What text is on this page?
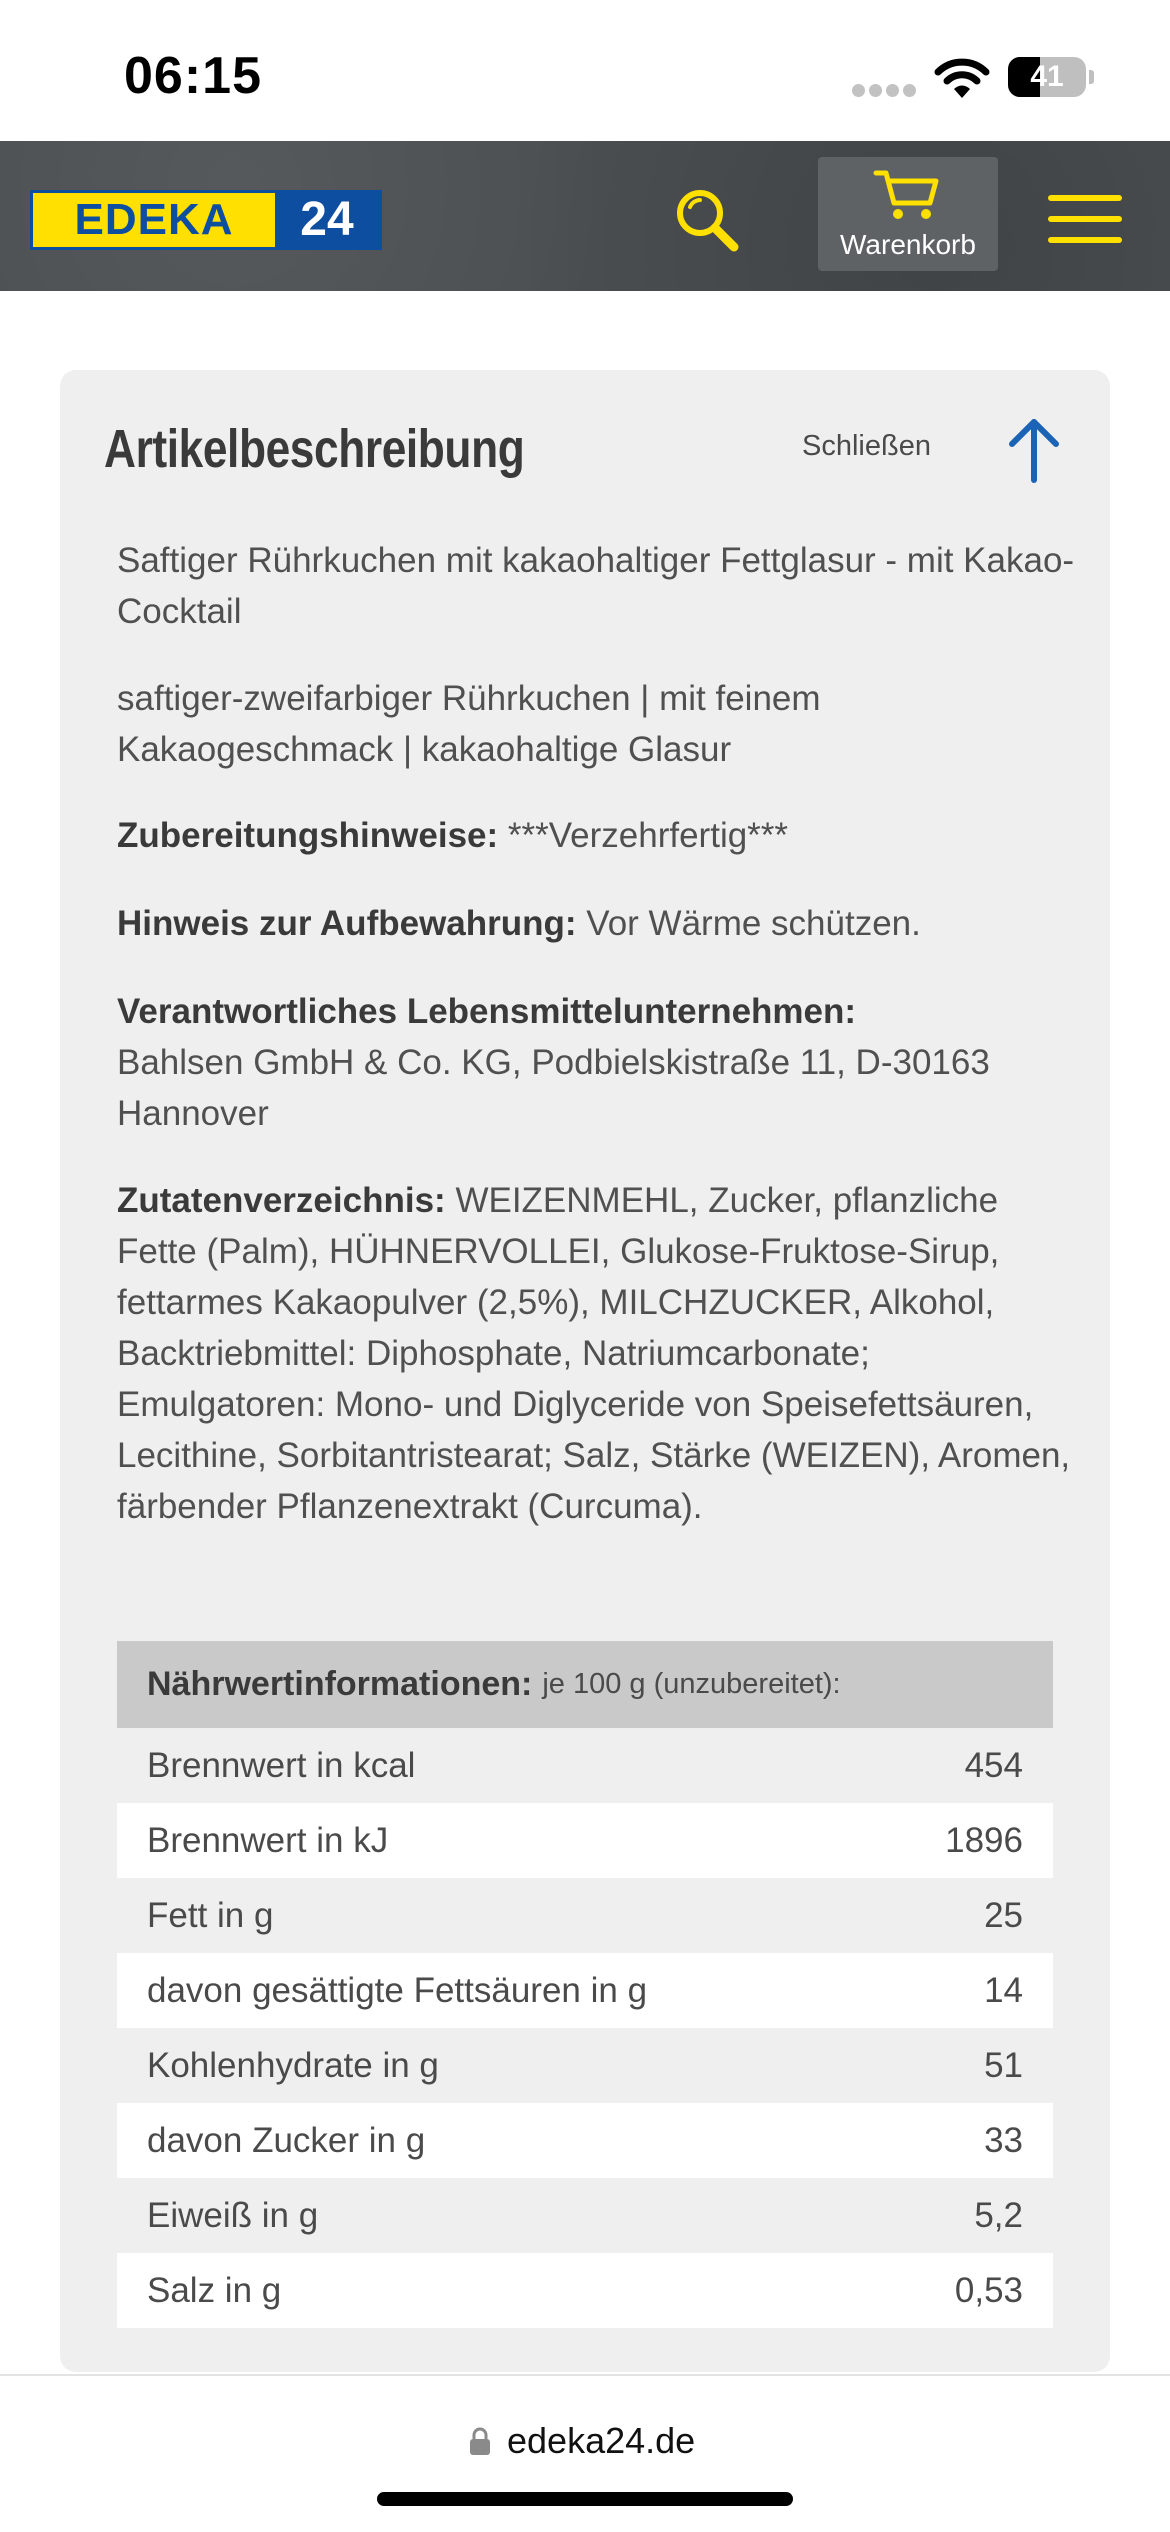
06:15	41
EDEKA	24	Warenkorb
Artikelbeschreibung	Schließen
Saftiger Rührkuchen mit kakaohaltiger Fettglasur - mit Kakao-Cocktail
saftiger-zweifarbiger Rührkuchen | mit feinem Kakaogeschmack | kakaohaltige Glasur
Zubereitungshinweise: ***Verzehrfertig***
Hinweis zur Aufbewahrung: Vor Wärme schützen.
Verantwortliches Lebensmittelunternehmen:
Bahlsen GmbH & Co. KG, Podbielskistraße 11, D-30163 Hannover
Zutatenverzeichnis: WEIZENMEHL, Zucker, pflanzliche Fette (Palm), HÜHNERVOLLEI, Glukose-Fruktose-Sirup, fettarmes Kakaopulver (2,5%), MILCHZUCKER, Alkohol, Backtriebmittel: Diphosphate, Natriumcarbonate; Emulgatoren: Mono- und Diglyceride von Speisefettsäuren, Lecithine, Sorbitantristearat; Salz, Stärke (WEIZEN), Aromen, färbender Pflanzenextrakt (Curcuma).
Nährwertinformationen: je 100 g (unzubereitet):
Brennwert in kcal	454
Brennwert in kJ	1896
Fett in g	25
davon gesättigte Fettsäuren in g	14
Kohlenhydrate in g	51
davon Zucker in g	33
Eiweiß in g	5,2
Salz in g	0,53
edeka24.de
